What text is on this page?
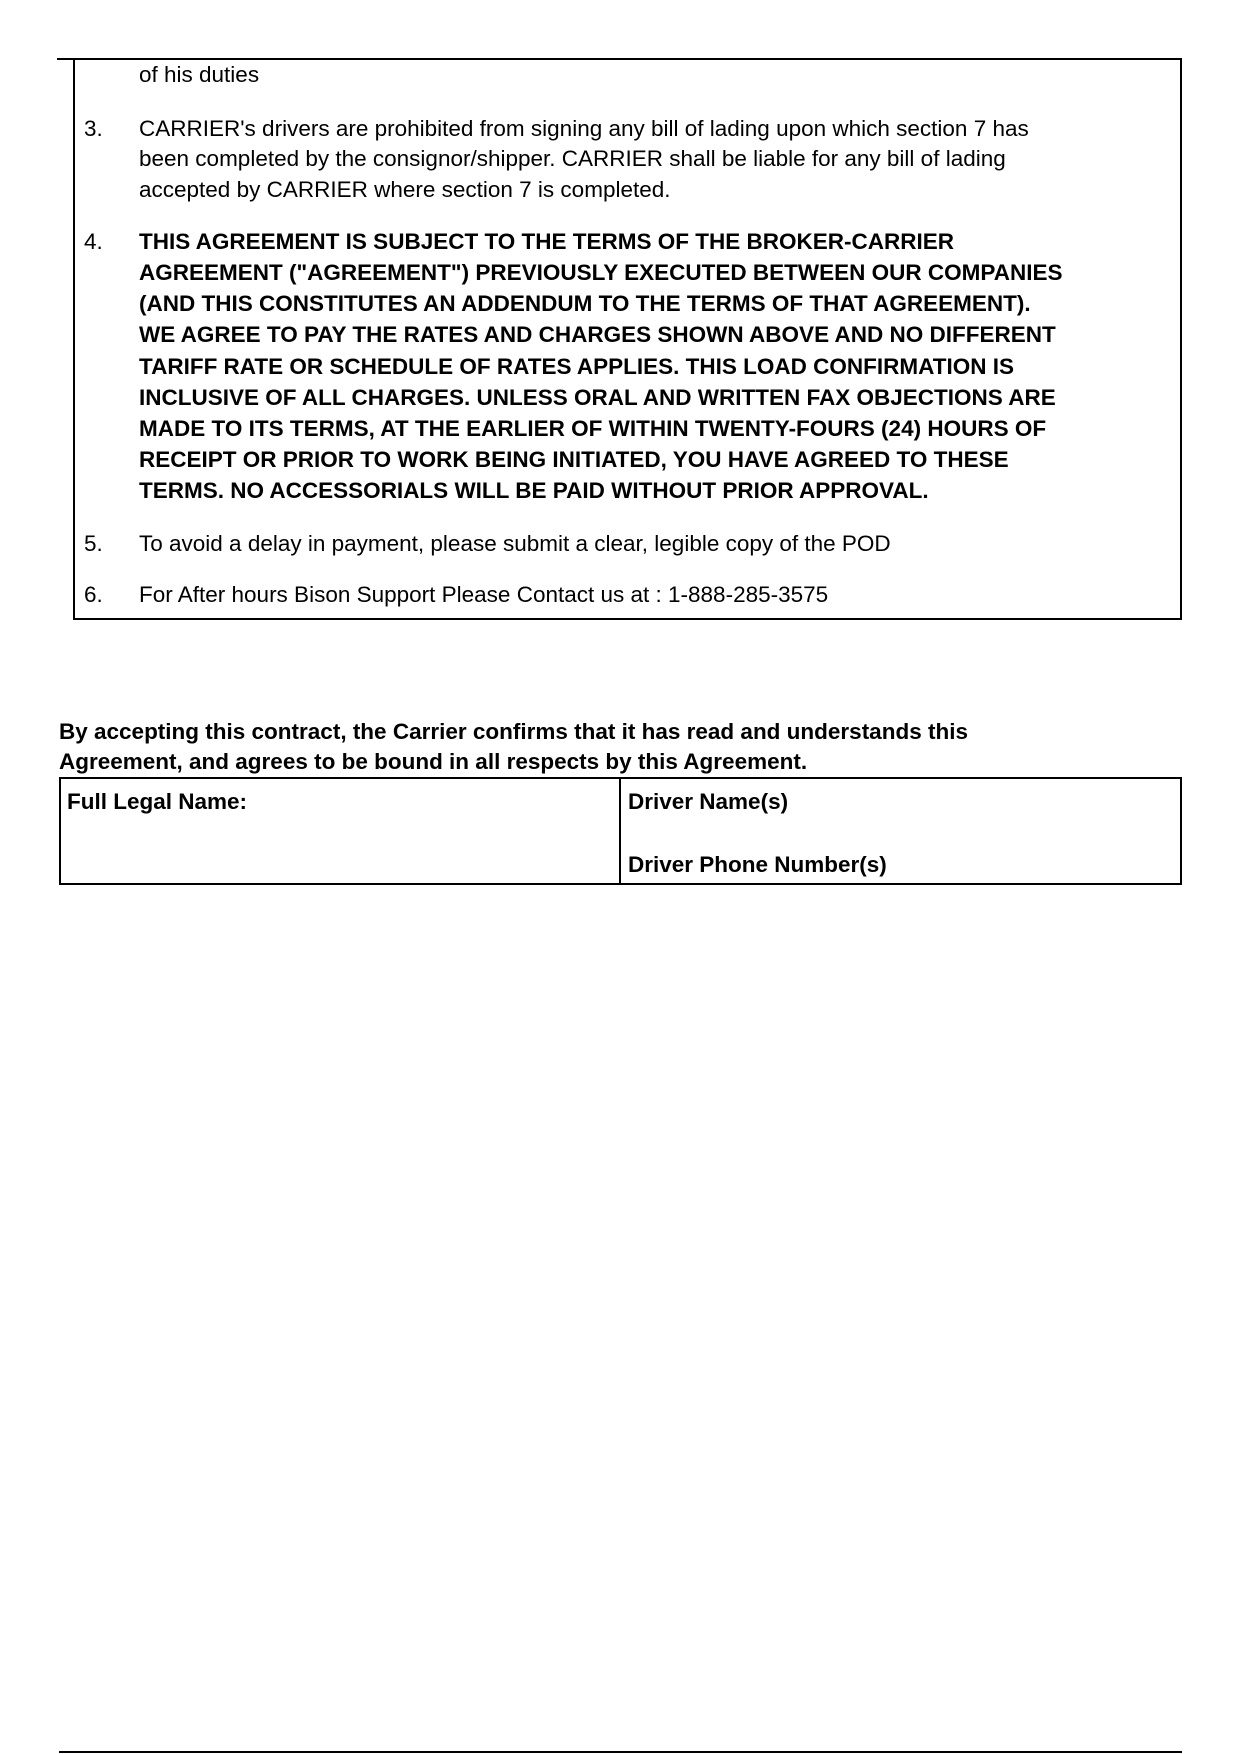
of his duties
3. CARRIER's drivers are prohibited from signing any bill of lading upon which section 7 has
been completed by the consignor/shipper. CARRIER shall be liable for any bill of lading
accepted by CARRIER where section 7 is completed.
4. THIS AGREEMENT IS SUBJECT TO THE TERMS OF THE BROKER-CARRIER
AGREEMENT ("AGREEMENT") PREVIOUSLY EXECUTED BETWEEN OUR COMPANIES
(AND THIS CONSTITUTES AN ADDENDUM TO THE TERMS OF THAT AGREEMENT).
WE AGREE TO PAY THE RATES AND CHARGES SHOWN ABOVE AND NO DIFFERENT
TARIFF RATE OR SCHEDULE OF RATES APPLIES. THIS LOAD CONFIRMATION IS
INCLUSIVE OF ALL CHARGES. UNLESS ORAL AND WRITTEN FAX OBJECTIONS ARE
MADE TO ITS TERMS, AT THE EARLIER OF WITHIN TWENTY-FOURS (24) HOURS OF
RECEIPT OR PRIOR TO WORK BEING INITIATED, YOU HAVE AGREED TO THESE
TERMS. NO ACCESSORIALS WILL BE PAID WITHOUT PRIOR APPROVAL.
5. To avoid a delay in payment, please submit a clear, legible copy of the POD
6. For After hours Bison Support Please Contact us at : 1-888-285-3575
By accepting this contract, the Carrier confirms that it has read and understands this
Agreement, and agrees to be bound in all respects by this Agreement.
Full Legal Name:	Driver Name(s)
Driver Phone Number(s)
